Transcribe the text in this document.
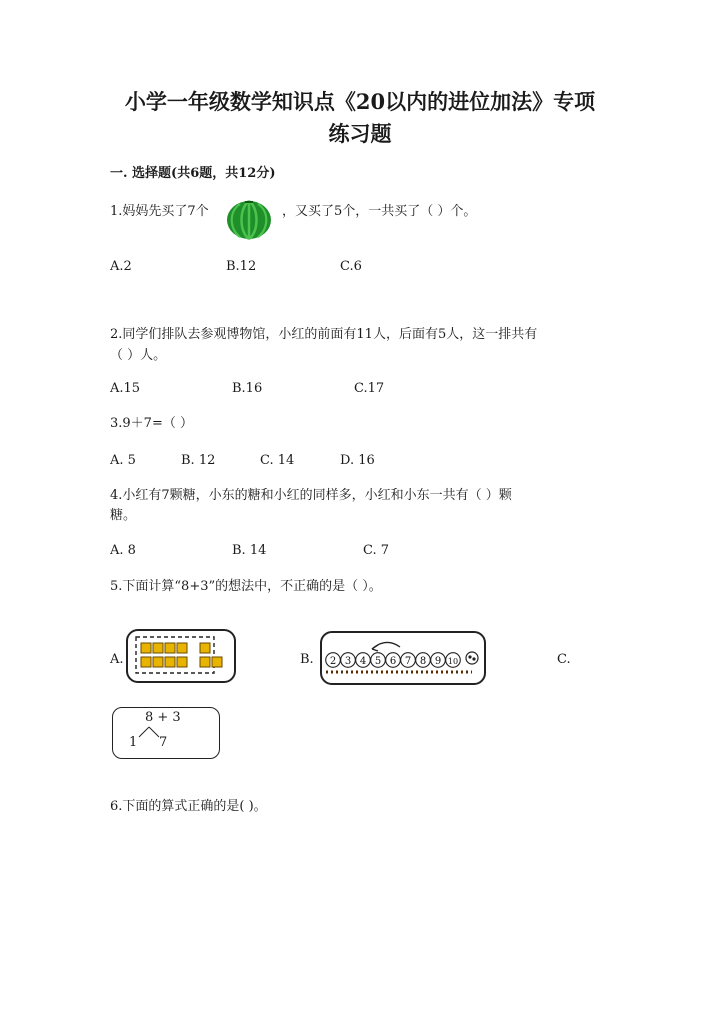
小学一年级数学知识点《20以内的进位加法》专项
练习题
一. 选择题(共6题，共12分)
1.妈妈先买了7个	，又买了5个，一共买了（ ）个。
A.2	B.12	C.6
2.同学们排队去参观博物馆，小红的前面有11人，后面有5人，这一排共有
（ ）人。
A.15	B.16	C.17
3.9＋7=（ ）
A. 5	B. 12	C. 14	D. 16
4.小红有7颗糖，小东的糖和小红的同样多，小红和小东一共有（ ）颗
糖。
A. 8	B. 14	C. 7
5.下面计算“8+3”的想法中，不正确的是（ ）。
A.	B. 2 3 4 5 6 7 8 9 10	C.
8 + 3
1 7
6.下面的算式正确的是( )。
